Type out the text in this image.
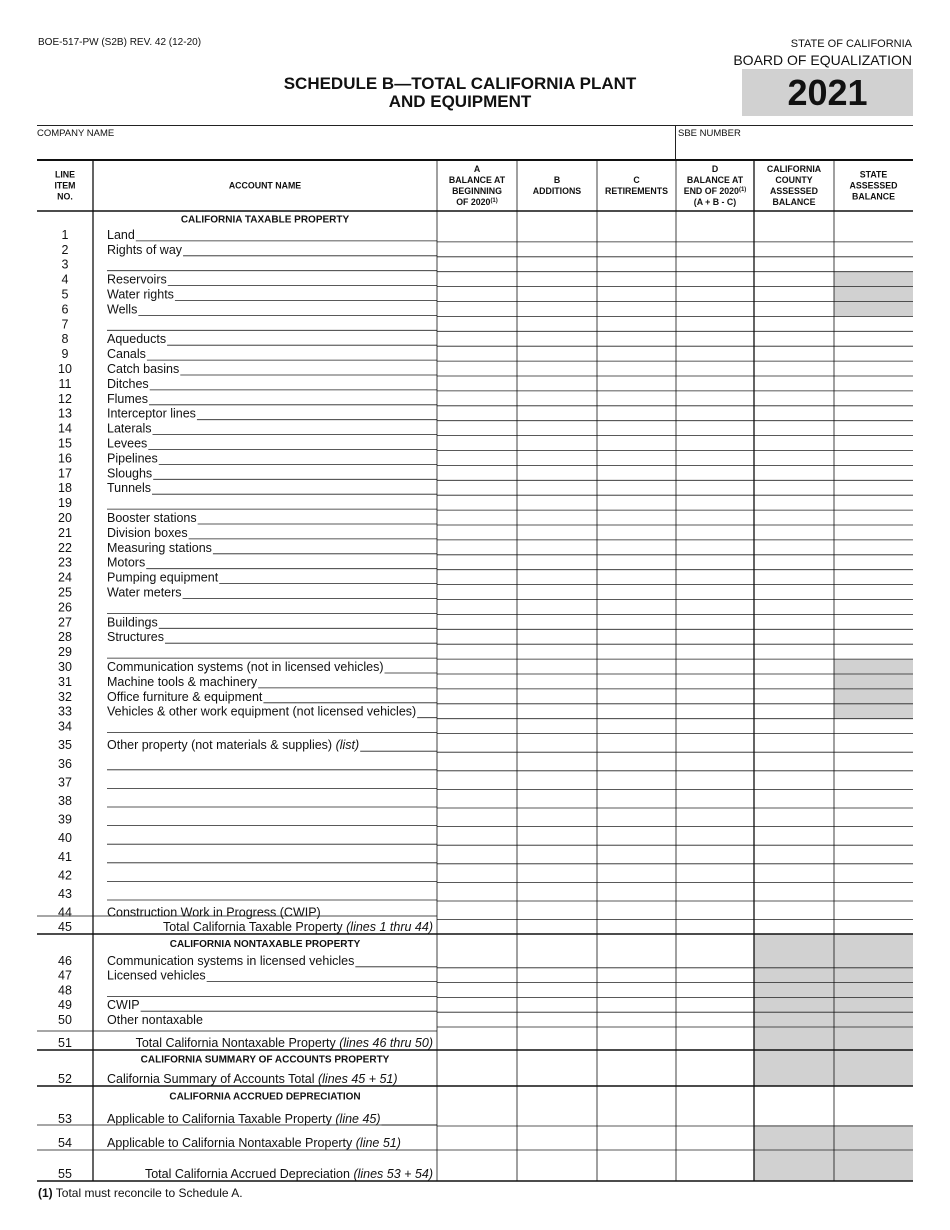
BOE-517-PW (S2B) REV. 42 (12-20)	STATE OF CALIFORNIA
BOARD OF EQUALIZATION
2021
SCHEDULE B—TOTAL CALIFORNIA PLANT
AND EQUIPMENT
COMPANY NAME	SBE NUMBER
LINE
ITEM
NO.
ACCOUNT NAME
A
BALANCE AT
BEGINNING
OF 2020$^{(1)}$
B
ADDITIONS
C
RETIREMENTS
D
BALANCE AT
END OF 2020$^{(1)}$
(A + B - C)
CALIFORNIA
COUNTY
ASSESSED
BALANCE
STATE
ASSESSED
BALANCE
CALIFORNIA TAXABLE PROPERTY
CALIFORNIA NONTAXABLE PROPERTY
CALIFORNIA SUMMARY OF ACCOUNTS PROPERTY
CALIFORNIA ACCRUED DEPRECIATION
1	Land
2	Rights of way
3
4	Reservoirs
5	Water rights
6	Wells
7
8	Aqueducts
9	Canals
10	Catch basins
11	Ditches
12	Flumes
13	Interceptor lines
14	Laterals
15	Levees
16	Pipelines
17	Sloughs
18	Tunnels
19
20	Booster stations
21	Division boxes
22	Measuring stations
23	Motors
24	Pumping equipment
25	Water meters
26
27	Buildings
28	Structures
29
30	Communication systems (not in licensed vehicles)
31	Machine tools & machinery
32	Office furniture & equipment
33	Vehicles & other work equipment (not licensed vehicles)
34
35	Other property (not materials & supplies) (list)
36
37
38
39
40
41
42
43
44	Construction Work in Progress (CWIP)
45	Total California Taxable Property (lines 1 thru 44)
46	Communication systems in licensed vehicles
47	Licensed vehicles
48
49	CWIP
50	Other nontaxable
51	Total California Nontaxable Property (lines 46 thru 50)
52	California Summary of Accounts Total (lines 45 + 51)
53	Applicable to California Taxable Property (line 45)
54	Applicable to California Nontaxable Property (line 51)
55	Total California Accrued Depreciation (lines 53 + 54)
(1) Total must reconcile to Schedule A.
